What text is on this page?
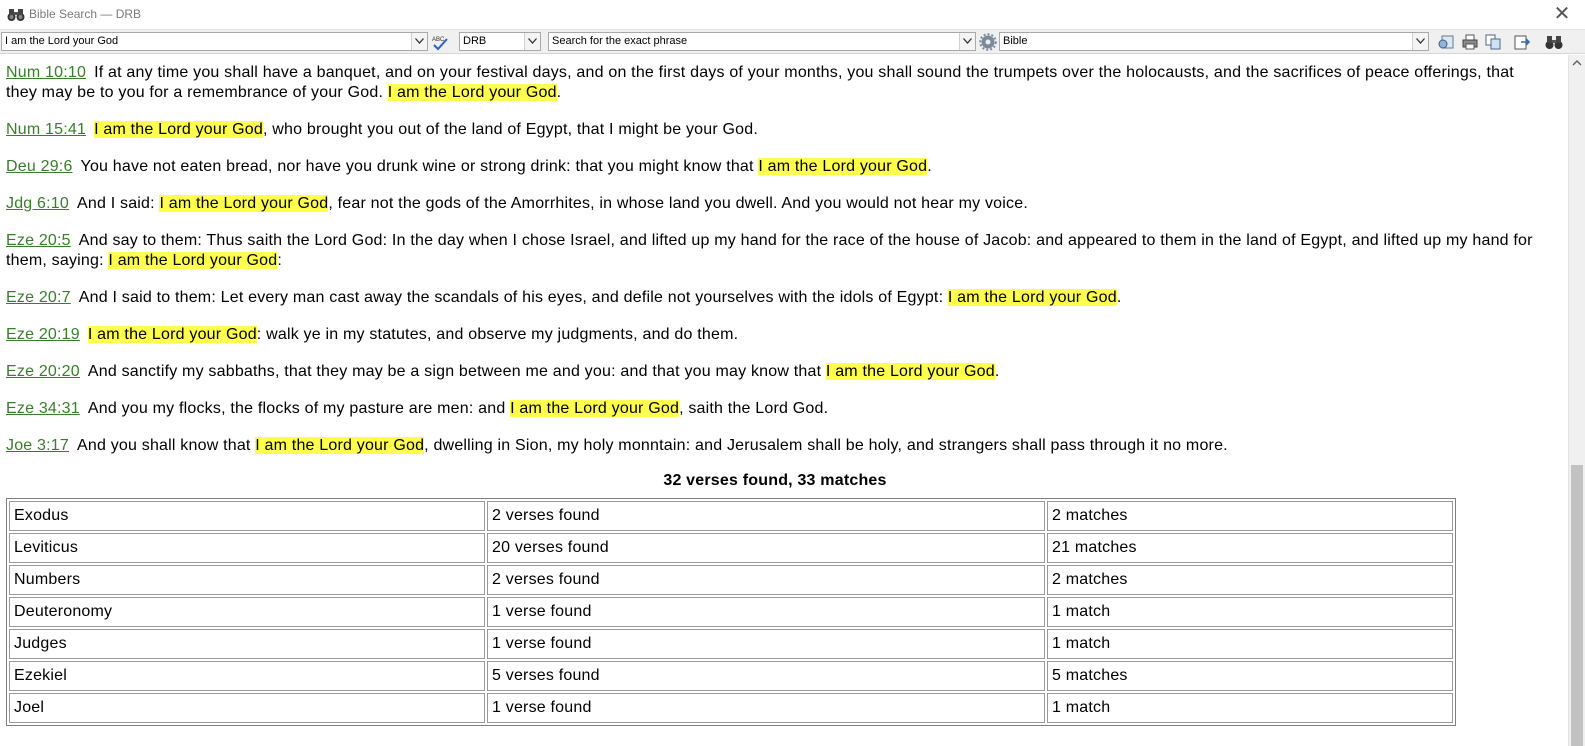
Bible Search — DRB	✕
I am the Lord your God	ABC	DRB	Search for the exact phrase	Bible
Num 10:10 If at any time you shall have a banquet, and on your festival days, and on the first days of your months, you shall sound the trumpets over the holocausts, and the sacrifices of peace offerings, that they may be to you for a remembrance of your God. I am the Lord your God.
Num 15:41 I am the Lord your God, who brought you out of the land of Egypt, that I might be your God.
Deu 29:6 You have not eaten bread, nor have you drunk wine or strong drink: that you might know that I am the Lord your God.
Jdg 6:10 And I said: I am the Lord your God, fear not the gods of the Amorrhites, in whose land you dwell. And you would not hear my voice.
Eze 20:5 And say to them: Thus saith the Lord God: In the day when I chose Israel, and lifted up my hand for the race of the house of Jacob: and appeared to them in the land of Egypt, and lifted up my hand for them, saying: I am the Lord your God:
Eze 20:7 And I said to them: Let every man cast away the scandals of his eyes, and defile not yourselves with the idols of Egypt: I am the Lord your God.
Eze 20:19 I am the Lord your God: walk ye in my statutes, and observe my judgments, and do them.
Eze 20:20 And sanctify my sabbaths, that they may be a sign between me and you: and that you may know that I am the Lord your God.
Eze 34:31 And you my flocks, the flocks of my pasture are men: and I am the Lord your God, saith the Lord God.
Joe 3:17 And you shall know that I am the Lord your God, dwelling in Sion, my holy monntain: and Jerusalem shall be holy, and strangers shall pass through it no more.
32 verses found, 33 matches
Exodus	2 verses found	2 matches
Leviticus	20 verses found	21 matches
Numbers	2 verses found	2 matches
Deuteronomy	1 verse found	1 match
Judges	1 verse found	1 match
Ezekiel	5 verses found	5 matches
Joel	1 verse found	1 match
